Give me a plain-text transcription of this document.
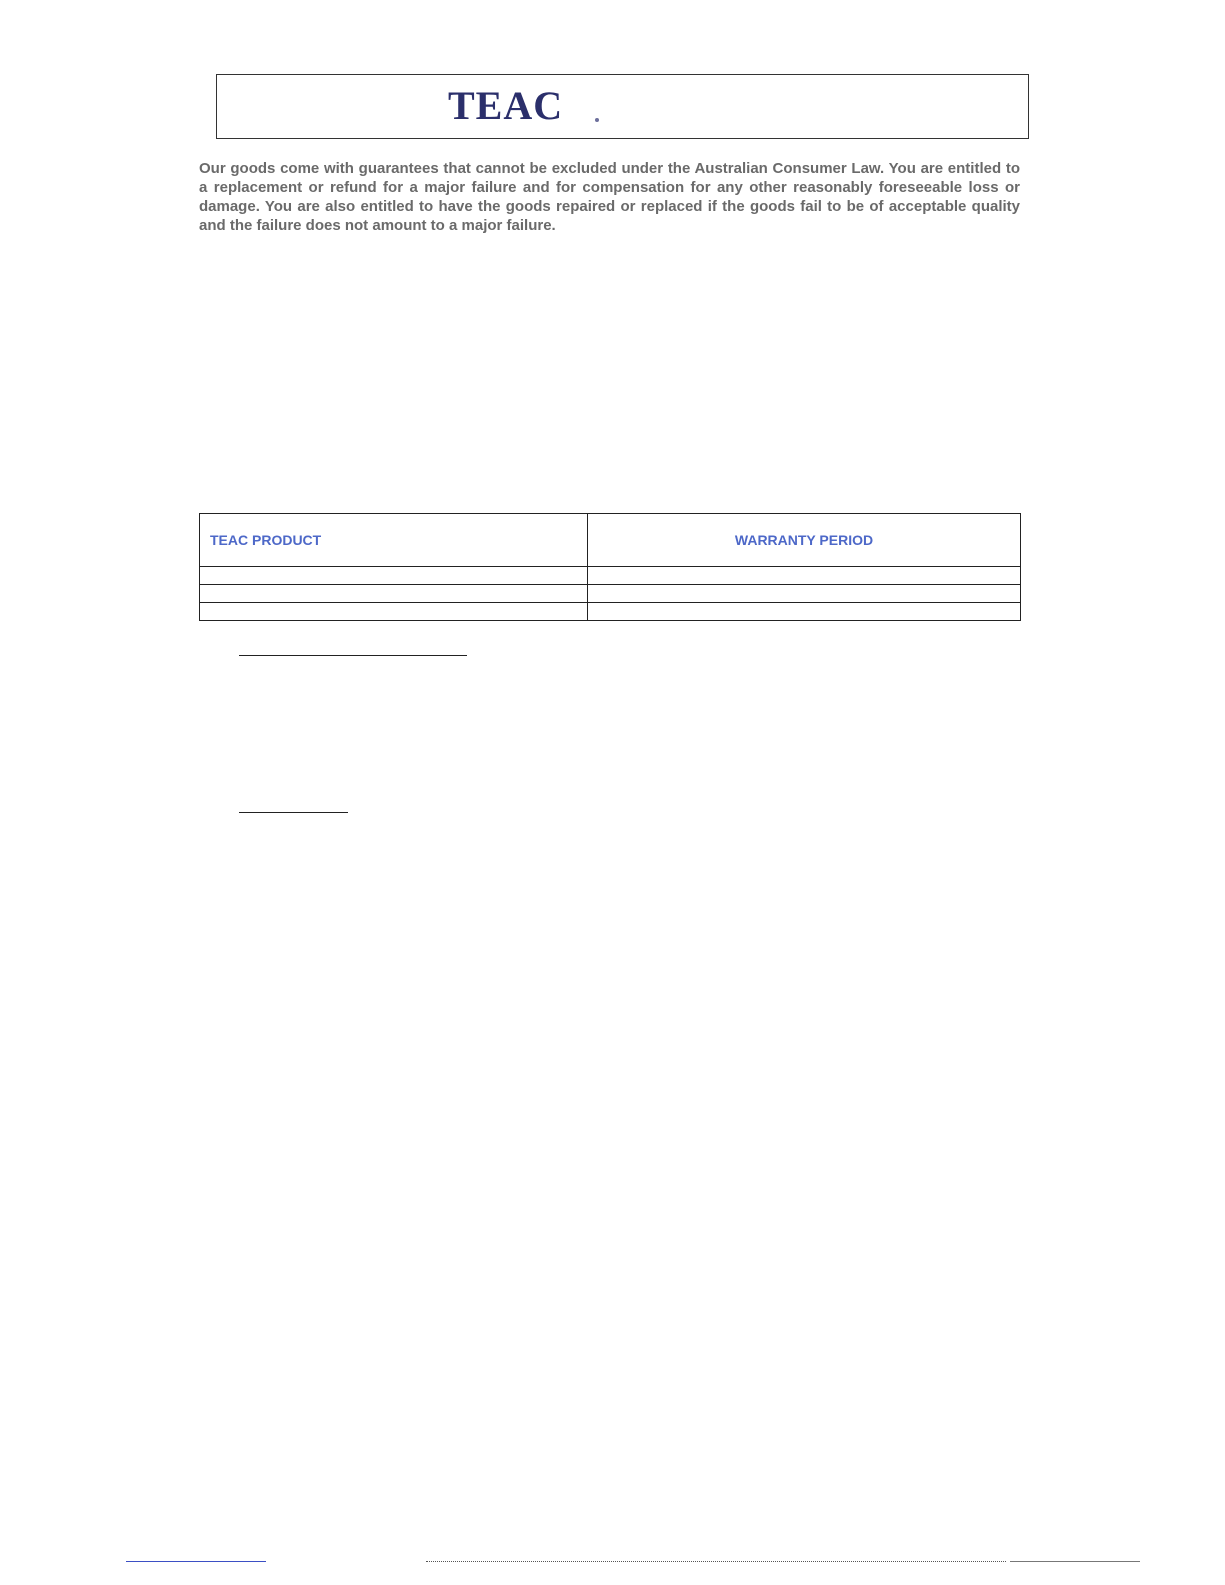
TEAC

Our goods come with guarantees that cannot be excluded under the Australian Consumer Law. You are entitled to a replacement or refund for a major failure and for compensation for any other reasonably foreseeable loss or damage. You are also entitled to have the goods repaired or replaced if the goods fail to be of acceptable quality and the failure does not amount to a major failure.

TEAC PRODUCT	WARRANTY PERIOD
